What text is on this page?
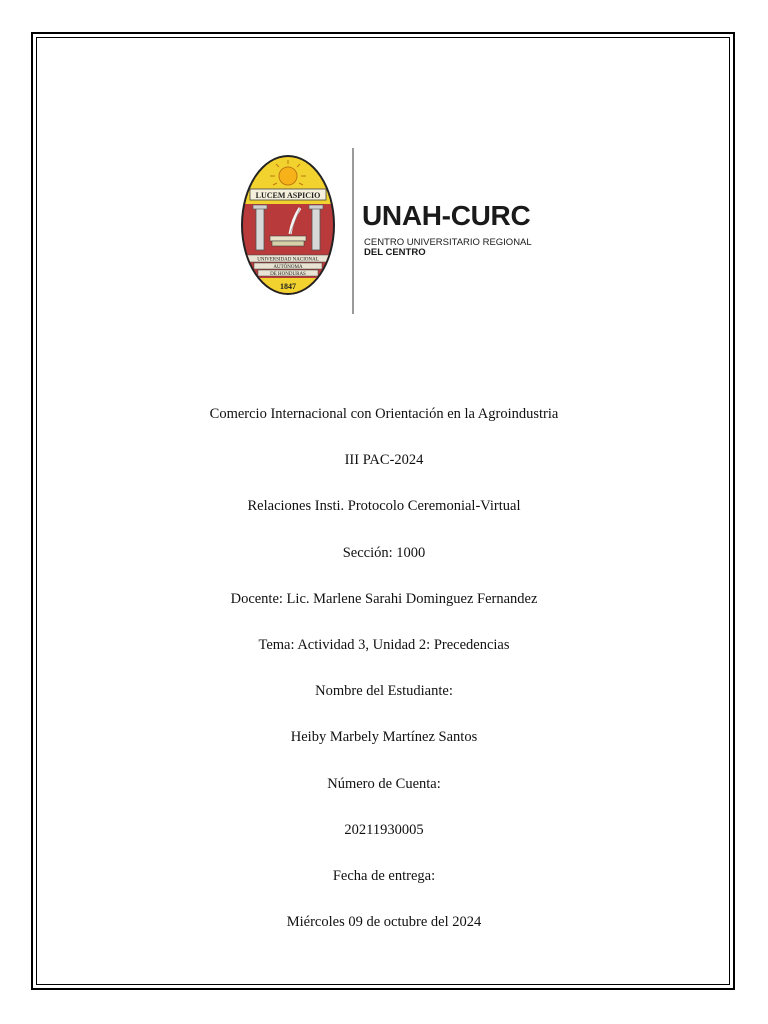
LUCEM ASPICIO
UNIVERSIDAD NACIONAL
AUTÓNOMA
DE HONDURAS
1847
UNAH-CURC
CENTRO UNIVERSITARIO REGIONAL
DEL CENTRO
Comercio Internacional con Orientación en la Agroindustria
III PAC-2024
Relaciones Insti. Protocolo Ceremonial-Virtual
Sección: 1000
Docente: Lic. Marlene Sarahi Dominguez Fernandez
Tema: Actividad 3, Unidad 2: Precedencias
Nombre del Estudiante:
Heiby Marbely Martínez Santos
Número de Cuenta:
20211930005
Fecha de entrega:
Miércoles 09 de octubre del 2024
